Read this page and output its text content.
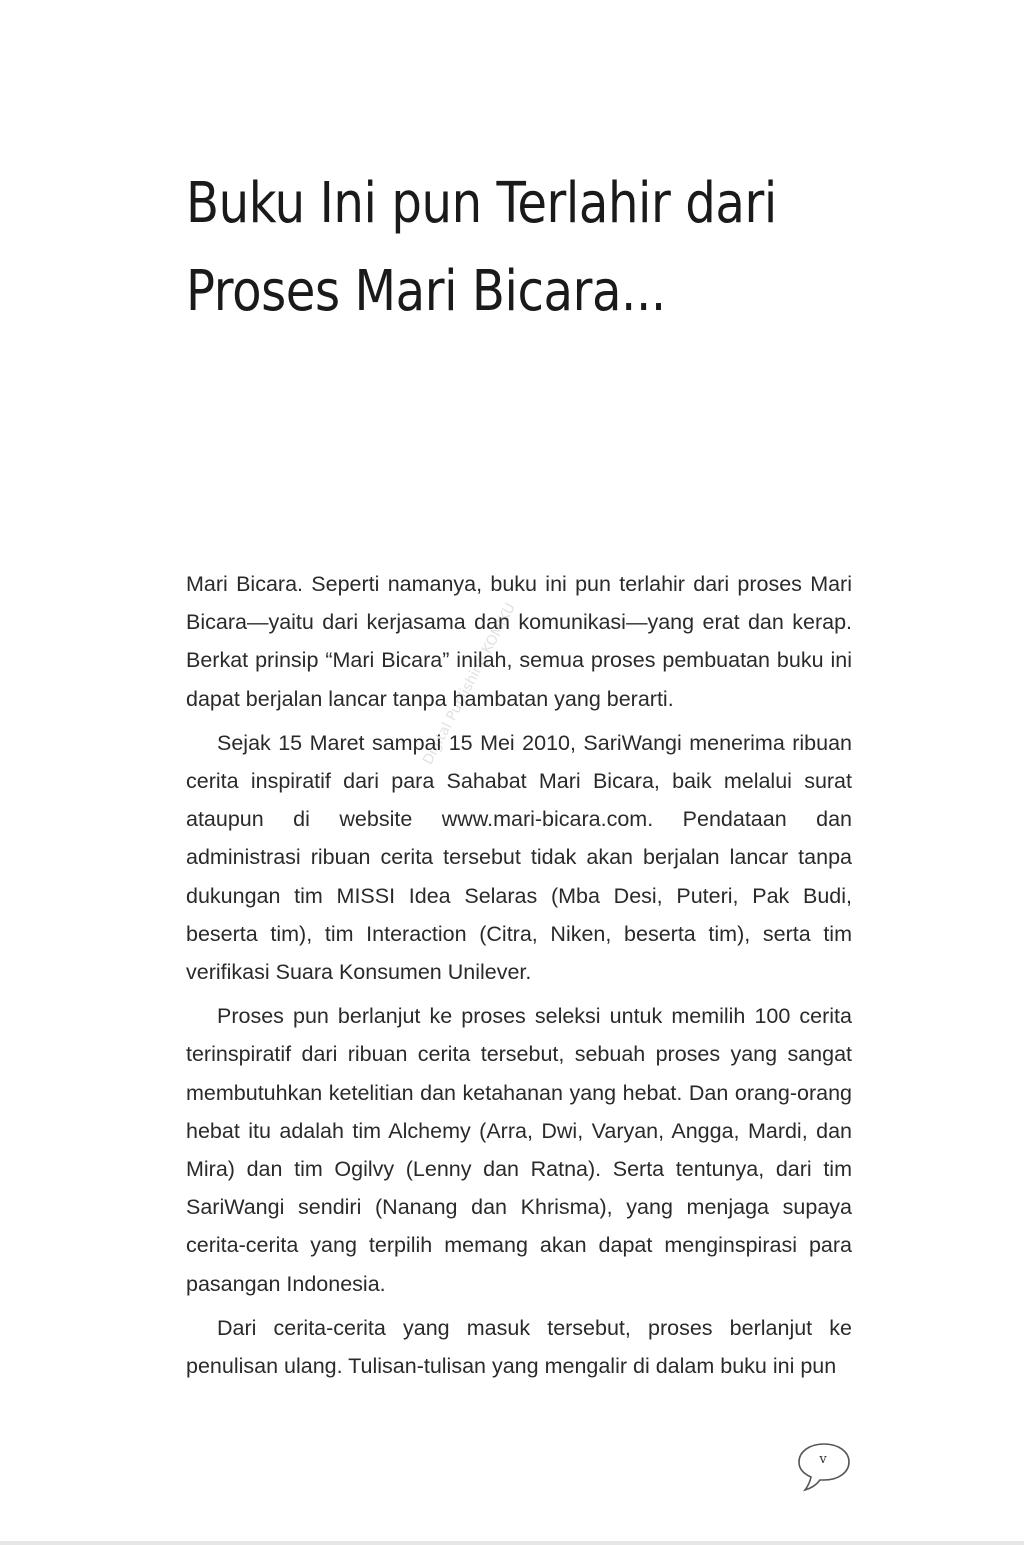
Buku Ini pun Terlahir dari
Proses Mari Bicara...
Digital Publishing KOMIKU

Mari Bicara. Seperti namanya, buku ini pun terlahir dari proses Mari Bicara—yaitu dari kerjasama dan komunikasi—yang erat dan kerap. Berkat prinsip “Mari Bicara” inilah, semua proses pembuatan buku ini dapat berjalan lancar tanpa hambatan yang berarti.

Sejak 15 Maret sampai 15 Mei 2010, SariWangi menerima ribuan cerita inspiratif dari para Sahabat Mari Bicara, baik melalui surat ataupun di website www.mari-bicara.com. Pendataan dan administrasi ribuan cerita tersebut tidak akan berjalan lancar tanpa dukungan tim MISSI Idea Selaras (Mba Desi, Puteri, Pak Budi, beserta tim), tim Interaction (Citra, Niken, beserta tim), serta tim verifikasi Suara Konsumen Unilever.

Proses pun berlanjut ke proses seleksi untuk memilih 100 cerita terinspiratif dari ribuan cerita tersebut, sebuah proses yang sangat membutuhkan ketelitian dan ketahanan yang hebat. Dan orang-orang hebat itu adalah tim Alchemy (Arra, Dwi, Varyan, Angga, Mardi, dan Mira) dan tim Ogilvy (Lenny dan Ratna). Serta tentunya, dari tim SariWangi sendiri (Nanang dan Khrisma), yang menjaga supaya cerita-cerita yang terpilih memang akan dapat menginspirasi para pasangan Indonesia.

Dari cerita-cerita yang masuk tersebut, proses berlanjut ke penulisan ulang. Tulisan-tulisan yang mengalir di dalam buku ini pun

v
